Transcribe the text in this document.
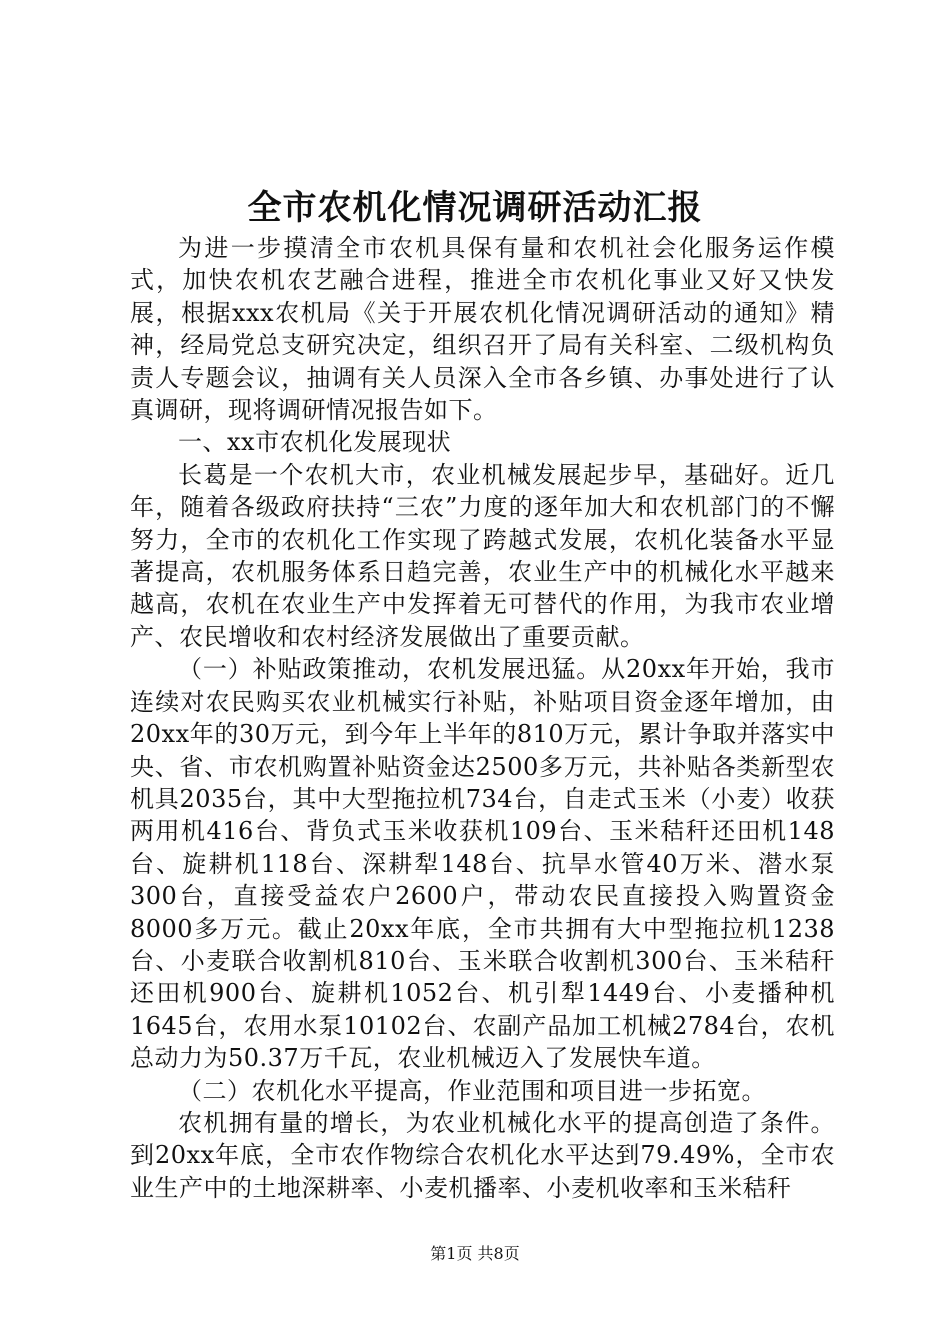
全市农机化情况调研活动汇报

为进一步摸清全市农机具保有量和农机社会化服务运作模式，加快农机农艺融合进程，推进全市农机化事业又好又快发展，根据xxx农机局《关于开展农机化情况调研活动的通知》精神，经局党总支研究决定，组织召开了局有关科室、二级机构负责人专题会议，抽调有关人员深入全市各乡镇、办事处进行了认真调研，现将调研情况报告如下。

一、xx市农机化发展现状

长葛是一个农机大市，农业机械发展起步早，基础好。近几年，随着各级政府扶持“三农”力度的逐年加大和农机部门的不懈努力，全市的农机化工作实现了跨越式发展，农机化装备水平显著提高，农机服务体系日趋完善，农业生产中的机械化水平越来越高，农机在农业生产中发挥着无可替代的作用，为我市农业增产、农民增收和农村经济发展做出了重要贡献。

（一）补贴政策推动，农机发展迅猛。从20xx年开始，我市连续对农民购买农业机械实行补贴，补贴项目资金逐年增加，由20xx年的30万元，到今年上半年的810万元，累计争取并落实中央、省、市农机购置补贴资金达2500多万元，共补贴各类新型农机具2035台，其中大型拖拉机734台，自走式玉米（小麦）收获两用机416台、背负式玉米收获机109台、玉米秸秆还田机148台、旋耕机118台、深耕犁148台、抗旱水管40万米、潜水泵300台，直接受益农户2600户，带动农民直接投入购置资金8000多万元。截止20xx年底，全市共拥有大中型拖拉机1238台、小麦联合收割机810台、玉米联合收割机300台、玉米秸秆还田机900台、旋耕机1052台、机引犁1449台、小麦播种机1645台，农用水泵10102台、农副产品加工机械2784台，农机总动力为50.37万千瓦，农业机械迈入了发展快车道。

（二）农机化水平提高，作业范围和项目进一步拓宽。

农机拥有量的增长，为农业机械化水平的提高创造了条件。到20xx年底，全市农作物综合农机化水平达到79.49%，全市农业生产中的土地深耕率、小麦机播率、小麦机收率和玉米秸秆

第1页 共8页
